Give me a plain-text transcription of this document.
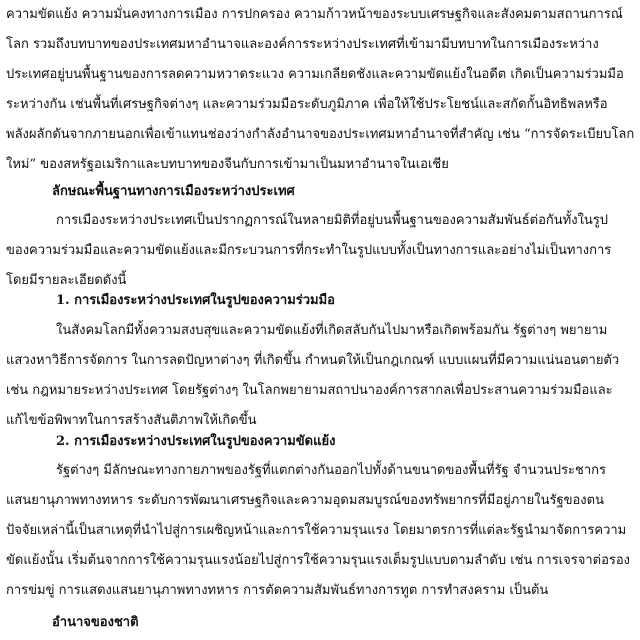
ความขัดแย้ง ความมั่นคงทางการเมือง การปกครอง ความก้าวหน้าของระบบเศรษฐกิจและสังคมตามสถานการณ์
โลก รวมถึงบทบาทของประเทศมหาอำนาจและองค์การระหว่างประเทศที่เข้ามามีบทบาทในการเมืองระหว่าง
ประเทศอยู่บนพื้นฐานของการลดความหวาดระแวง ความเกลียดชังและความขัดแย้งในอดีต เกิดเป็นความร่วมมือ
ระหว่างกัน เช่นพื้นที่เศรษฐกิจต่างๆ และความร่วมมือระดับภูมิภาค เพื่อให้ใช้ประโยชน์และสกัดกั้นอิทธิพลหรือ
พลังผลักดันจากภายนอกเพื่อเข้าแทนช่องว่างกำลังอำนาจของประเทศมหาอำนาจที่สำคัญ เช่น “การจัดระเบียบโลก
ใหม่” ของสหรัฐอเมริกาและบทบาทของจีนกับการเข้ามาเป็นมหาอำนาจในเอเชีย
ลักษณะพื้นฐานทางการเมืองระหว่างประเทศ
การเมืองระหว่างประเทศเป็นปรากฏการณ์ในหลายมิติที่อยู่บนพื้นฐานของความสัมพันธ์ต่อกันทั้งในรูป
ของความร่วมมือและความขัดแย้งและมีกระบวนการที่กระทำในรูปแบบทั้งเป็นทางการและอย่างไม่เป็นทางการ
โดยมีรายละเอียดดังนี้
1. การเมืองระหว่างประเทศในรูปของความร่วมมือ
ในสังคมโลกมีทั้งความสงบสุขและความขัดแย้งที่เกิดสลับกันไปมาหรือเกิดพร้อมกัน รัฐต่างๆ พยายาม
แสวงหาวิธีการจัดการ ในการลดปัญหาต่างๆ ที่เกิดขึ้น กำหนดให้เป็นกฎเกณฑ์ แบบแผนที่มีความแน่นอนตายตัว
เช่น กฎหมายระหว่างประเทศ โดยรัฐต่างๆ ในโลกพยายามสถาปนาองค์การสากลเพื่อประสานความร่วมมือและ
แก้ไขข้อพิพาทในการสร้างสันติภาพให้เกิดขึ้น
2. การเมืองระหว่างประเทศในรูปของความขัดแย้ง
รัฐต่างๆ มีลักษณะทางกายภาพของรัฐที่แตกต่างกันออกไปทั้งด้านขนาดของพื้นที่รัฐ จำนวนประชากร
แสนยานุภาพทางทหาร ระดับการพัฒนาเศรษฐกิจและความอุดมสมบูรณ์ของทรัพยากรที่มีอยู่ภายในรัฐของตน
ปัจจัยเหล่านี้เป็นสาเหตุที่นำไปสู่การเผชิญหน้าและการใช้ความรุนแรง โดยมาตรการที่แต่ละรัฐนำมาจัดการความ
ขัดแย้งนั้น เริ่มต้นจากการใช้ความรุนแรงน้อยไปสู่การใช้ความรุนแรงเต็มรูปแบบตามลำดับ เช่น การเจรจาต่อรอง
การข่มขู่ การแสดงแสนยานุภาพทางทหาร การตัดความสัมพันธ์ทางการทูต การทำสงคราม เป็นต้น
อำนาจของชาติ
